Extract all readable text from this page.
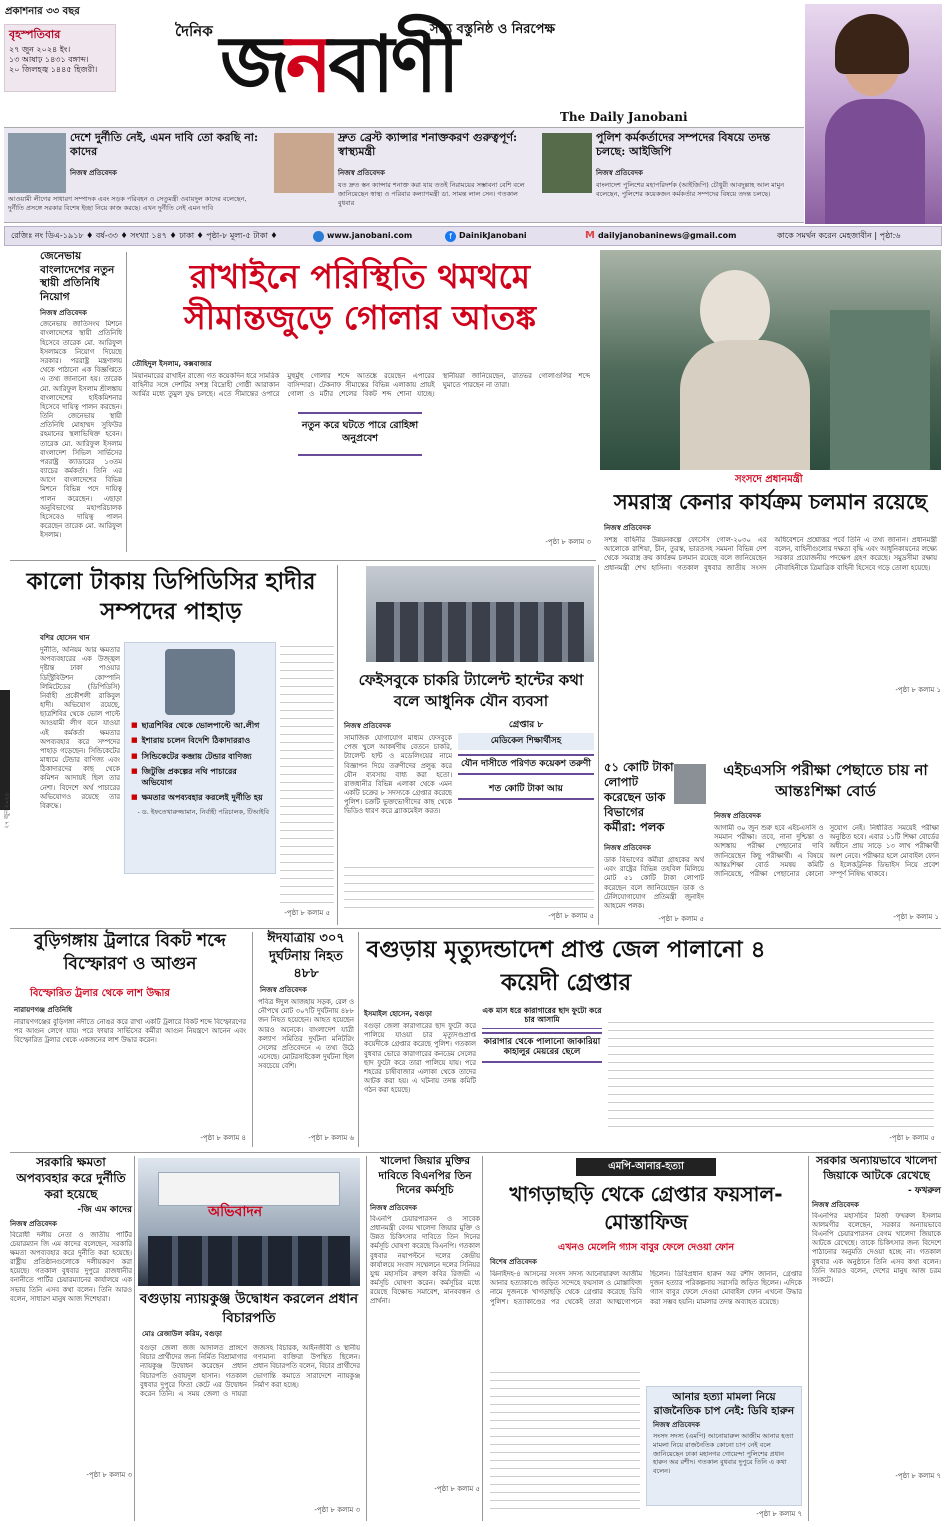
প্রকাশনার ৩৩ বছর
বৃহস্পতিবার
২৭ জুন ২০২৪ ইং।
১৩ আষাঢ় ১৪৩১ বঙ্গাব্দ।
২০ জিলহজ্ব ১৪৪৫ হিজরী।
দৈনিক	সত্য বস্তুনিষ্ঠ ও নিরপেক্ষ
জনবাণী
The Daily Janobani
দেশে দুর্নীতি নেই, এমন দাবি তো করছি না: কাদের
নিজস্ব প্রতিবেদক
আওয়ামী লীগের সাধারণ সম্পাদক এবং সড়ক পরিবহন ও সেতুমন্ত্রী ওবায়দুল কাদের বলেছেন, দুর্নীতি প্রসঙ্গে সরকার বিশেষ ইচ্ছা নিয়ে কাজ করছে। এখন দুর্নীতি নেই এমন দাবি
দ্রুত ব্রেস্ট ক্যান্সার শনাক্তকরণ গুরুত্বপূর্ণ: স্বাস্থ্যমন্ত্রী
নিজস্ব প্রতিবেদক
যত দ্রুত স্তন ক্যান্সার শনাক্ত করা যায় ততই নিরাময়ের সম্ভাবনা বেশি বলে জানিয়েছেন স্বাস্থ্য ও পরিবার কল্যাণমন্ত্রী ডা. সামন্ত লাল সেন। গতকাল বুধবার
পুলিশ কর্মকর্তাদের সম্পদের বিষয়ে তদন্ত চলছে: আইজিপি
নিজস্ব প্রতিবেদক
বাংলাদেশ পুলিশের মহাপরিদর্শক (আইজিপি) চৌধুরী আবদুল্লাহ আল মামুন বলেছেন, পুলিশের কয়েকজন কর্মকর্তার সম্পদের বিষয়ে তদন্ত চলছে।
রেজিঃ নং ডিএ-১৯১৮ ♦ বর্ষ-৩৩ ♦ সংখ্যা ১৪৭ ♦ ঢাকা ♦ পৃষ্ঠা-৮ মূল্য-৫ টাকা ♦	www.janobani.com	f DainikJanobani	M dailyjanobaninews@gmail.com	কাকে সমর্থন করেন মেহজাবীন | পৃষ্ঠা:৬
২৭ জুন ২০২৪
জেনেভায় বাংলাদেশের নতুন স্থায়ী প্রতিনিধি নিয়োগ
নিজস্ব প্রতিবেদক
জেনেভায় জাতিসংঘ মিশনে বাংলাদেশের স্থায়ী প্রতিনিধি হিসেবে তারেক মো. আরিফুল ইসলামকে নিয়োগ দিয়েছে সরকার। পররাষ্ট্র মন্ত্রণালয় থেকে পাঠানো এক বিজ্ঞপ্তিতে এ তথ্য জানানো হয়। তারেক মো. আরিফুল ইসলাম শ্রীলঙ্কায় বাংলাদেশের হাইকমিশনার হিসেবে দায়িত্ব পালন করছেন। তিনি জেনেভায় স্থায়ী প্রতিনিধি মোহাম্মদ সুফিউর রহমানের স্থলাভিষিক্ত হবেন। তারেক মো. আরিফুল ইসলাম বাংলাদেশ সিভিল সার্ভিসের পররাষ্ট্র ক্যাডারের ১৩তম ব্যাচের কর্মকর্তা। তিনি এর আগে বাংলাদেশের বিভিন্ন মিশনে বিভিন্ন পদে দায়িত্ব পালন করেছেন। এছাড়া অনুবিভাগের মহাপরিচালক হিসেবেও দায়িত্ব পালন করেছেন তারেক মো. আরিফুল ইসলাম।
রাখাইনে পরিস্থিতি থমথমে সীমান্তজুড়ে গোলার আতঙ্ক
তৌহিদুল ইসলাম, কক্সবাজার
মিয়ানমারের রাখাইন রাজ্যে গত কয়েকদিন ধরে সামরিক বাহিনীর সঙ্গে দেশটির সশস্ত্র বিদ্রোহী গোষ্ঠী আরাকান আর্মির মধ্যে তুমুল যুদ্ধ চলছে। এতে সীমান্তের ওপারে মুহুর্মুহু গোলার শব্দে আতঙ্কে রয়েছেন এপারের বাসিন্দারা। টেকনাফ সীমান্তের বিভিন্ন এলাকায় প্রায়ই গোলা ও মর্টার শেলের বিকট শব্দ শোনা যাচ্ছে। স্থানীয়রা জানিয়েছেন, রাতভর গোলাগুলির শব্দে ঘুমাতে পারছেন না তারা।
নতুন করে ঘটতে পারে রোহিঙ্গা অনুপ্রবেশ
-পৃষ্ঠা ৮ কলাম ৩
সংসদে প্রধানমন্ত্রী
সমরাস্ত্র কেনার কার্যক্রম চলমান রয়েছে
নিজস্ব প্রতিবেদক
সশস্ত্র বাহিনীর উন্নয়নকল্পে ফোর্সেস গোল-২০৩০ এর আলোকে রাশিয়া, চীন, তুরস্ক, ভারতসহ সমমনা বিভিন্ন দেশ থেকে সমরাস্ত্র ক্রয় কার্যক্রম চলমান রয়েছে বলে জানিয়েছেন প্রধানমন্ত্রী শেখ হাসিনা। গতকাল বুধবার জাতীয় সংসদ অধিবেশনে প্রশ্নোত্তর পর্বে তিনি এ তথ্য জানান। প্রধানমন্ত্রী বলেন, বাহিনীগুলোর দক্ষতা বৃদ্ধি এবং আধুনিকায়নের লক্ষ্যে সরকার প্রয়োজনীয় পদক্ষেপ গ্রহণ করেছে। সমুদ্রসীমা রক্ষায় নৌবাহিনীকে ত্রিমাত্রিক বাহিনী হিসেবে গড়ে তোলা হয়েছে।
-পৃষ্ঠা ৮ কলাম ১
কালো টাকায় ডিপিডিসির হাদীর সম্পদের পাহাড়
বশির হোসেন খান
দুর্নীতি, অনিয়ম আর ক্ষমতার অপব্যবহারের এক উজ্জ্বল দৃষ্টান্ত ঢাকা পাওয়ার ডিস্ট্রিবিউশন কোম্পানি লিমিটেডের (ডিপিডিসি) নির্বাহী প্রকৌশলী রাকিবুল হাদী। অভিযোগ রয়েছে, ছাত্রশিবির থেকে ভোল পাল্টে আওয়ামী লীগ বনে যাওয়া এই কর্মকর্তা ক্ষমতার অপব্যবহার করে সম্পদের পাহাড় গড়েছেন। সিন্ডিকেটের মাধ্যমে টেন্ডার বাণিজ্য এবং ঠিকাদারদের কাছ থেকে কমিশন আদায়ই ছিল তার নেশা। বিদেশে অর্থ পাচারের অভিযোগও রয়েছে তার বিরুদ্ধে।
■ ছাত্রশিবির থেকে ভোলপাল্টে আ.লীগ
■ ইশারায় চলেন বিদেশি ঠিকাদাররাও
■ সিন্ডিকেটের কব্জায় টেন্ডার বাণিজ্য
■ জিটুজি প্রকল্পের নথি পাচারের অভিযোগ
■ ক্ষমতার অপব্যবহার করলেই দুর্নীতি হয়
- ড. ইফতেখারুজ্জামান, নির্বাহী পরিচালক, টিআইবি
-পৃষ্ঠা ৮ কলাম ৫
ফেইসবুকে চাকরি ট্যালেন্ট হান্টের কথা বলে আধুনিক যৌন ব্যবসা
নিজস্ব প্রতিবেদক
সামাজিক যোগাযোগ মাধ্যম ফেসবুকে পেজ খুলে আকর্ষণীয় বেতনে চাকরি, ট্যালেন্ট হান্ট ও মডেলিংয়ের নামে বিজ্ঞাপন দিয়ে তরুণীদের প্রলুব্ধ করে যৌন ব্যবসায় বাধ্য করা হতো। রাজধানীর বিভিন্ন এলাকা থেকে এমন একটি চক্রের ৮ সদস্যকে গ্রেপ্তার করেছে পুলিশ। চক্রটি ভুক্তভোগীদের কাছ থেকে ভিডিও ধারণ করে ব্ল্যাকমেইল করত।
গ্রেপ্তার ৮
মেডিকেল শিক্ষার্থীসহ
যৌন দাসীতে পরিণত কয়েকশ তরুণী
শত কোটি টাকা আয়
-পৃষ্ঠা ৮ কলাম ৫
৫১ কোটি টাকা লোপাট করেছেন ডাক বিভাগের কর্মীরা: পলক
নিজস্ব প্রতিবেদক
ডাক বিভাগের কর্মীরা গ্রাহকের অর্থ এবং রাষ্ট্রের বিভিন্ন তহবিল মিলিয়ে মোট ৫১ কোটি টাকা লোপাট করেছেন বলে জানিয়েছেন ডাক ও টেলিযোগাযোগ প্রতিমন্ত্রী জুনাইদ আহমেদ পলক।
-পৃষ্ঠা ৮ কলাম ৫
এইচএসসি পরীক্ষা পেছাতে চায় না আন্তঃশিক্ষা বোর্ড
নিজস্ব প্রতিবেদক
আগামী ৩০ জুন শুরু হবে এইচএসসি ও সমমান পরীক্ষা। তবে, নানা দুশ্চিন্তা ও আশঙ্কায় পরীক্ষা পেছানোর দাবি জানিয়েছেন কিছু পরীক্ষার্থী। এ বিষয়ে আন্তঃশিক্ষা বোর্ড সমন্বয় কমিটি জানিয়েছে, পরীক্ষা পেছানোর কোনো সুযোগ নেই। নির্ধারিত সময়েই পরীক্ষা অনুষ্ঠিত হবে। এবার ১১টি শিক্ষা বোর্ডের অধীনে প্রায় সাড়ে ১৩ লাখ পরীক্ষার্থী অংশ নেবে। পরীক্ষার হলে মোবাইল ফোন ও ইলেকট্রনিক ডিভাইস নিয়ে প্রবেশ সম্পূর্ণ নিষিদ্ধ থাকবে।
-পৃষ্ঠা ৮ কলাম ১
বুড়িগঙ্গায় ট্রলারে বিকট শব্দে বিস্ফোরণ ও আগুন
বিস্ফোরিত ট্রলার থেকে লাশ উদ্ধার
নারায়ণগঞ্জ প্রতিনিধি
নারায়ণগঞ্জের বুড়িগঙ্গা নদীতে নোঙর করে রাখা একটি ট্রলারে বিকট শব্দে বিস্ফোরণের পর আগুন লেগে যায়। পরে ফায়ার সার্ভিসের কর্মীরা আগুন নিয়ন্ত্রণে আনেন এবং বিস্ফোরিত ট্রলার থেকে একজনের লাশ উদ্ধার করেন।
-পৃষ্ঠা ৮ কলাম ৪
ঈদযাত্রায় ৩০৭ দুর্ঘটনায় নিহত ৪৮৮
নিজস্ব প্রতিবেদক
পবিত্র ঈদুল আজহায় সড়ক, রেল ও নৌপথে মোট ৩০৭টি দুর্ঘটনায় ৪৮৮ জন নিহত হয়েছেন। আহত হয়েছেন আরও অনেকে। বাংলাদেশ যাত্রী কল্যাণ সমিতির দুর্ঘটনা মনিটরিং সেলের প্রতিবেদনে এ তথ্য উঠে এসেছে। মোটরসাইকেল দুর্ঘটনা ছিল সবচেয়ে বেশি।
-পৃষ্ঠা ৮ কলাম ৬
বগুড়ায় মৃত্যুদন্ডাদেশ প্রাপ্ত জেল পালানো ৪ কয়েদী গ্রেপ্তার
ইসমাইল হোসেন, বগুড়া
বগুড়া জেলা কারাগারের ছাদ ফুটো করে পালিয়ে যাওয়া চার মৃত্যুদণ্ডপ্রাপ্ত কয়েদীকে গ্রেপ্তার করেছে পুলিশ। গতকাল বুধবার ভোরে কারাগারের কনডেম সেলের ছাদ ফুটো করে তারা পালিয়ে যায়। পরে শহরের চাষীবাজার এলাকা থেকে তাদের আটক করা হয়। এ ঘটনায় তদন্ত কমিটি গঠন করা হয়েছে।
এক মাস ধরে কারাগারের ছাদ ফুটো করে চার আসামি
কারাগার থেকে পালানো জাকারিয়া কাহালুর মেয়রের ছেলে
-পৃষ্ঠা ৮ কলাম ৫
সরকারি ক্ষমতা অপব্যবহার করে দুর্নীতি করা হয়েছে
-জি এম কাদের
নিজস্ব প্রতিবেদক
বিরোধী দলীয় নেতা ও জাতীয় পার্টির চেয়ারম্যান জি এম কাদের বলেছেন, সরকারি ক্ষমতা অপব্যবহার করে দুর্নীতি করা হয়েছে। রাষ্ট্রীয় প্রতিষ্ঠানগুলোকে দলীয়করণ করা হয়েছে। গতকাল বুধবার দুপুরে রাজধানীর বনানীতে পার্টির চেয়ারম্যানের কার্যালয়ে এক সভায় তিনি এসব কথা বলেন। তিনি আরও বলেন, সাধারণ মানুষ আজ দিশেহারা।
-পৃষ্ঠা ৮ কলাম ৩
অভিবাদন
বগুড়ায় ন্যায়কুঞ্জ উদ্বোধন করলেন প্রধান বিচারপতি
মোঃ রেজাউল করিম, বগুড়া
বগুড়া জেলা জজ আদালত প্রাঙ্গণে বিচার প্রার্থীদের জন্য নির্মিত বিশ্রামাগার ন্যায়কুঞ্জ উদ্বোধন করেছেন প্রধান বিচারপতি ওবায়দুল হাসান। গতকাল বুধবার দুপুরে ফিতা কেটে এর উদ্বোধন করেন তিনি। এ সময় জেলা ও দায়রা জজসহ বিচারক, আইনজীবী ও স্থানীয় গণ্যমান্য ব্যক্তিরা উপস্থিত ছিলেন। প্রধান বিচারপতি বলেন, বিচার প্রার্থীদের ভোগান্তি কমাতে সারাদেশে ন্যায়কুঞ্জ নির্মাণ করা হচ্ছে।
-পৃষ্ঠা ৮ কলাম ৩
খালেদা জিয়ার মুক্তির দাবিতে বিএনপির তিন দিনের কর্মসূচি
নিজস্ব প্রতিবেদক
বিএনপি চেয়ারপারসন ও সাবেক প্রধানমন্ত্রী বেগম খালেদা জিয়ার মুক্তি ও উন্নত চিকিৎসার দাবিতে তিন দিনের কর্মসূচি ঘোষণা করেছে বিএনপি। গতকাল বুধবার নয়াপল্টনে দলের কেন্দ্রীয় কার্যালয়ে সংবাদ সম্মেলনে দলের সিনিয়র যুগ্ম মহাসচিব রুহুল কবির রিজভী এ কর্মসূচি ঘোষণা করেন। কর্মসূচির মধ্যে রয়েছে বিক্ষোভ সমাবেশ, মানববন্ধন ও প্রার্থনা।
-পৃষ্ঠা ৮ কলাম ৫
এমপি-আনার-হত্যা
খাগড়াছড়ি থেকে গ্রেপ্তার ফয়সাল-মোস্তাফিজ
এখনও মেলেনি গ্যাস বাবুর ফেলে দেওয়া ফোন
বিশেষ প্রতিবেদক
ঝিনাইদহ-৪ আসনের সংসদ সদস্য আনোয়ারুল আজীম আনার হত্যাকাণ্ডে জড়িত সন্দেহে ফয়সাল ও মোস্তাফিজ নামে দুজনকে খাগড়াছড়ি থেকে গ্রেপ্তার করেছে ডিবি পুলিশ। হত্যাকাণ্ডের পর থেকেই তারা আত্মগোপনে ছিলেন। ডিবিপ্রধান হারুন অর রশীদ জানান, গ্রেপ্তার দুজন হত্যার পরিকল্পনায় সরাসরি জড়িত ছিলেন। এদিকে গ্যাস বাবুর ফেলে দেওয়া মোবাইল ফোন এখনো উদ্ধার করা সম্ভব হয়নি। মামলার তদন্ত অব্যাহত রয়েছে।
আনার হত্যা মামলা নিয়ে রাজনৈতিক চাপ নেই: ডিবি হারুন
নিজস্ব প্রতিবেদক
সংসদ সদস্য (এমপি) আনোয়ারুল আজীম আনার হত্যা মামলা নিয়ে রাজনৈতিক কোনো চাপ নেই বলে জানিয়েছেন ঢাকা মহানগর গোয়েন্দা পুলিশের প্রধান হারুন অর রশীদ। গতকাল বুধবার দুপুরে তিনি এ কথা বলেন।
-পৃষ্ঠা ৮ কলাম ৭
সরকার অন্যায়ভাবে খালেদা জিয়াকে আটকে রেখেছে
- ফখরুল
নিজস্ব প্রতিবেদক
বিএনপির মহাসচিব মির্জা ফখরুল ইসলাম আলমগীর বলেছেন, সরকার অন্যায়ভাবে বিএনপি চেয়ারপারসন বেগম খালেদা জিয়াকে আটকে রেখেছে। তাকে চিকিৎসার জন্য বিদেশে পাঠানোর অনুমতি দেওয়া হচ্ছে না। গতকাল বুধবার এক অনুষ্ঠানে তিনি এসব কথা বলেন। তিনি আরও বলেন, দেশের মানুষ আজ চরম সংকটে।
-পৃষ্ঠা ৮ কলাম ৭
